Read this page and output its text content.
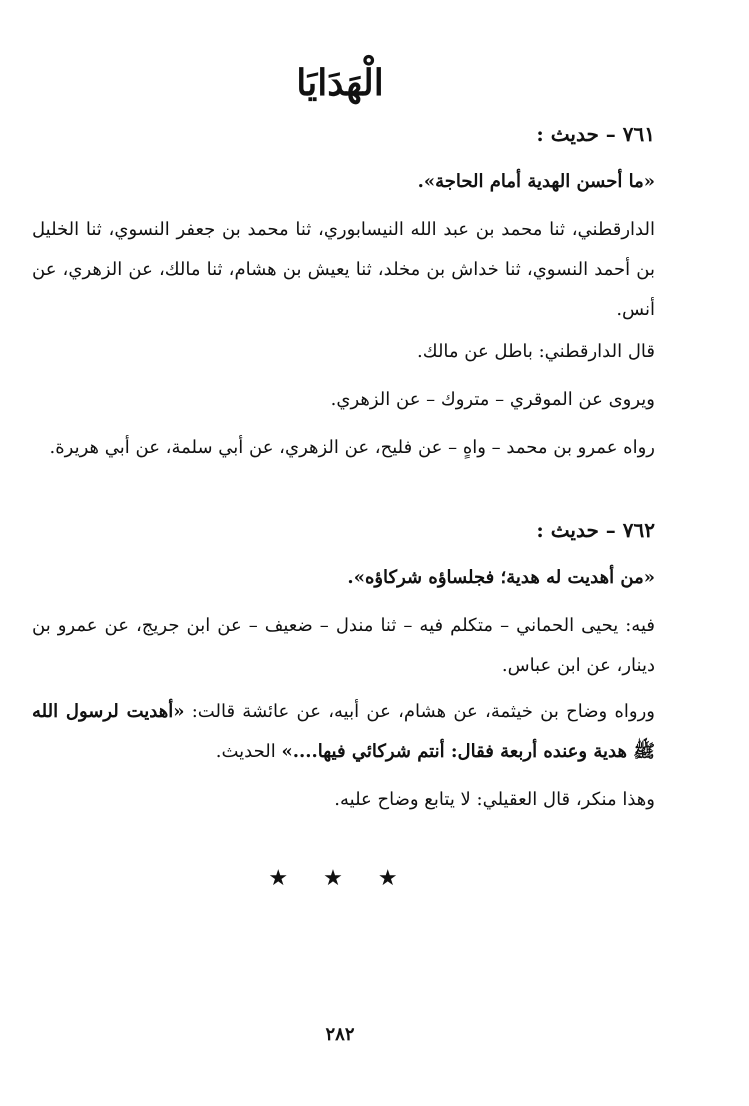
الْهَدَايَا

٧٦١ – حديث :

«ما أحسن الهدية أمام الحاجة».

الدارقطني، ثنا محمد بن عبد الله النيسابوري، ثنا محمد بن جعفر النسوي، ثنا الخليل بن أحمد النسوي، ثنا خداش بن مخلد، ثنا يعيش بن هشام، ثنا مالك، عن الزهري، عن أنس.

قال الدارقطني: باطل عن مالك.

ويروى عن الموقري – متروك – عن الزهري.

رواه عمرو بن محمد – واهٍ – عن فليح، عن الزهري، عن أبي سلمة، عن أبي هريرة.

٧٦٢ – حديث :

«من أهديت له هدية؛ فجلساؤه شركاؤه».

فيه: يحيى الحماني – متكلم فيه – ثنا مندل – ضعيف – عن ابن جريج، عن عمرو بن دينار، عن ابن عباس.

ورواه وضاح بن خيثمة، عن هشام، عن أبيه، عن عائشة قالت: «أهديت لرسول الله ﷺ هدية وعنده أربعة فقال: أنتم شركائي فيها....» الحديث.

وهذا منكر، قال العقيلي: لا يتابع وضاح عليه.

★ ★ ★
٢٨٢
